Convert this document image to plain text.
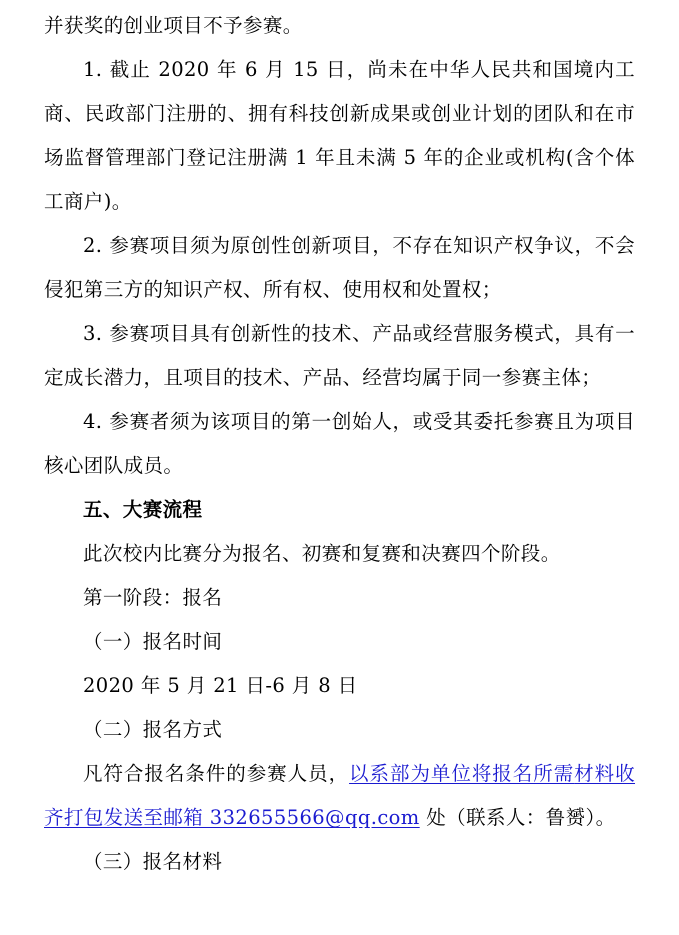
并获奖的创业项目不予参赛。

1. 截止 2020 年 6 月 15 日，尚未在中华人民共和国境内工商、民政部门注册的、拥有科技创新成果或创业计划的团队和在市场监督管理部门登记注册满 1 年且未满 5 年的企业或机构(含个体工商户)。

2. 参赛项目须为原创性创新项目，不存在知识产权争议，不会侵犯第三方的知识产权、所有权、使用权和处置权；

3. 参赛项目具有创新性的技术、产品或经营服务模式，具有一定成长潜力，且项目的技术、产品、经营均属于同一参赛主体；

4. 参赛者须为该项目的第一创始人，或受其委托参赛且为项目核心团队成员。

五、大赛流程

此次校内比赛分为报名、初赛和复赛和决赛四个阶段。

第一阶段：报名

（一）报名时间

2020 年 5 月 21 日-6 月 8 日

（二）报名方式

凡符合报名条件的参赛人员，以系部为单位将报名所需材料收齐打包发送至邮箱 332655566@qq.com 处（联系人：鲁赟）。

（三）报名材料
